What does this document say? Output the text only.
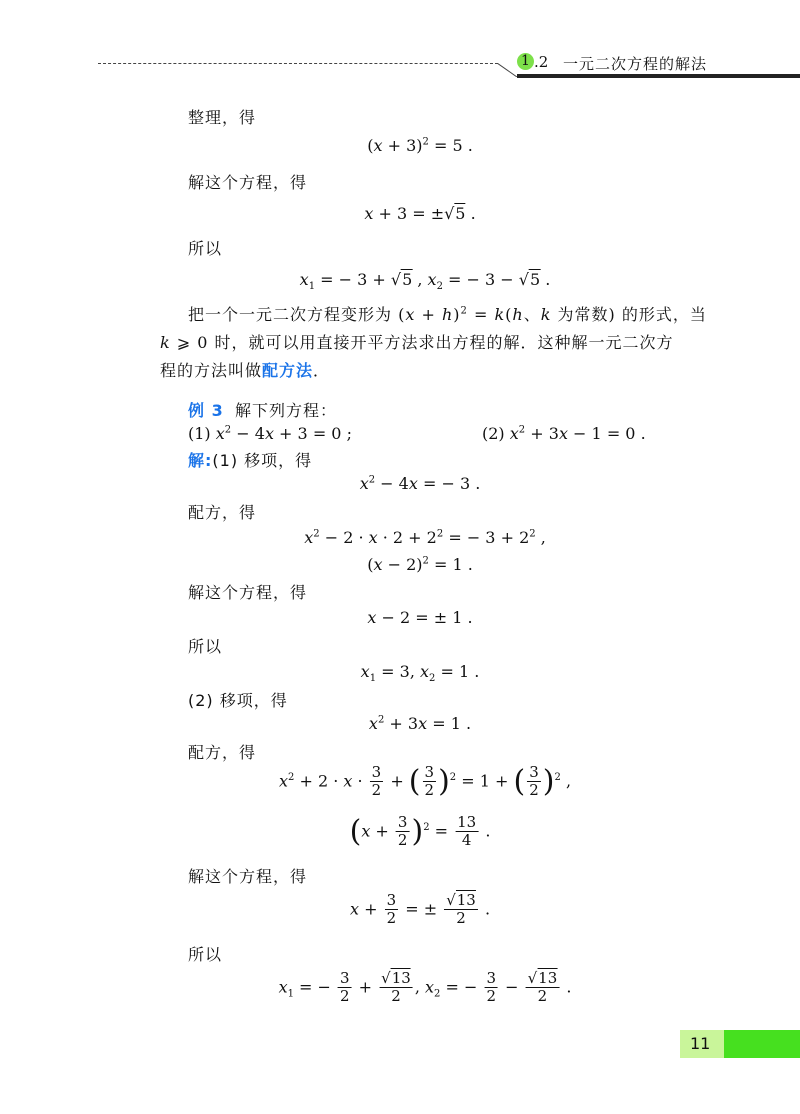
1 .2 一元二次方程的解法
整理，得
$(x + 3)^2 = 5$ .
解这个方程，得
x + 3 = ±√5 .
所以
$x_1$ = − 3 + √5 , $x_2$ = − 3 − √5 .
把一个一元二次方程变形为 $(x + h)^2 = k(h$、k 为常数) 的形式，当
k ⩾ 0 时，就可以用直接开平方法求出方程的解．这种解一元二次方
程的方法叫做配方法．
例 3 解下列方程：
(1) $x^2 - 4x + 3 = 0$ ;	(2) $x^2 + 3x - 1 = 0$ .
解:(1) 移项，得
$x^2 - 4x$ = − 3 .
配方，得
$x^2 - 2 \cdot x \cdot 2 + 2^2$ = − $3 + 2^2$ ,
$(x - 2)^2 = 1$ .
解这个方程，得
x − 2 = ± 1 .
所以
$x_1 = 3$, $x_2 = 1$ .
(2) 移项，得
$x^2 + 3x = 1$ .
配方，得
$x^2 + 2 \cdot x \cdot \frac{3}{2}$ + ( $\frac{3}{2} )^2 = 1$ + ( $\frac{3}{2} )^2$ ,
$(x + \frac{3}{2} )^2 = \frac{13}{4}$ .
解这个方程，得
$x + \frac{3}{2}$ = ± $\frac{√13}{2}$ .
所以
$x_1$ = − $\frac{3}{2} + \frac{√13}{2}$ , $x_2$ = − $\frac{3}{2} - \frac{√13}{2}$ .
11
